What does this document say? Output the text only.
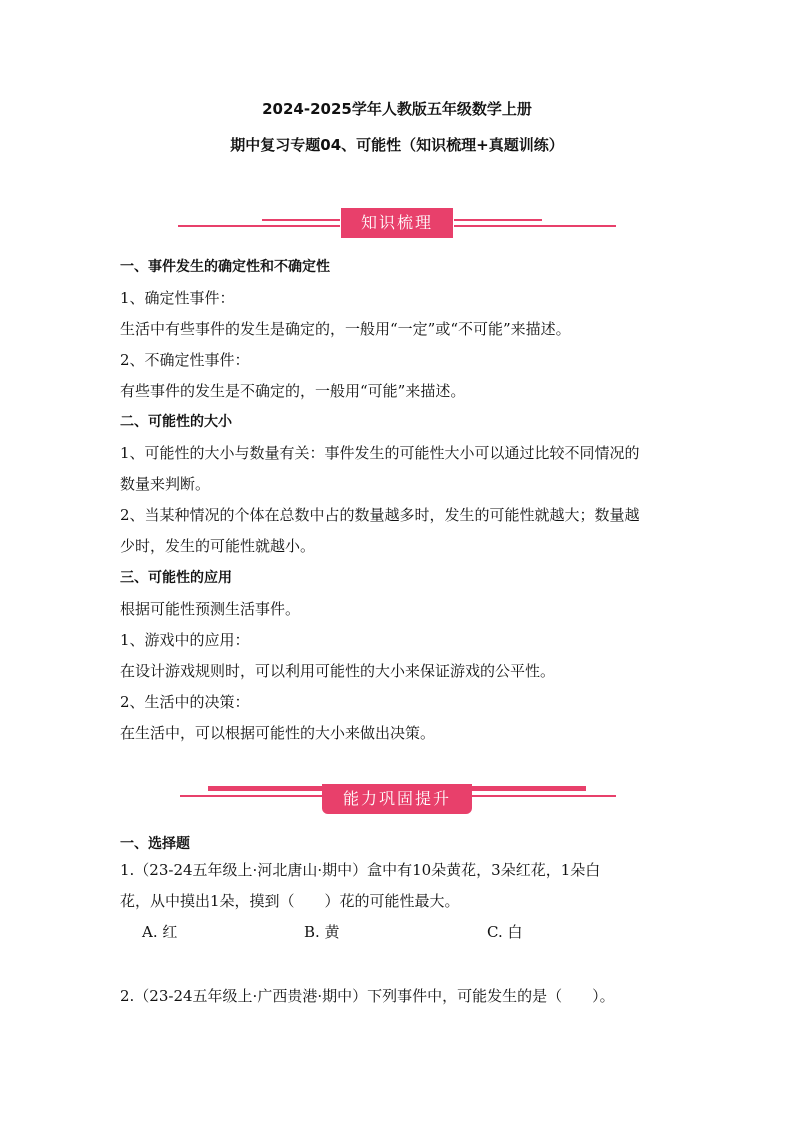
2024-2025学年人教版五年级数学上册
期中复习专题04、可能性（知识梳理+真题训练）
知识梳理
一、事件发生的确定性和不确定性
1、确定性事件：
生活中有些事件的发生是确定的，一般用“一定”或“不可能”来描述。
2、不确定性事件：
有些事件的发生是不确定的，一般用“可能”来描述。
二、可能性的大小
1、可能性的大小与数量有关：事件发生的可能性大小可以通过比较不同情况的
数量来判断。
2、当某种情况的个体在总数中占的数量越多时，发生的可能性就越大；数量越
少时，发生的可能性就越小。
三、可能性的应用
根据可能性预测生活事件。
1、游戏中的应用：
在设计游戏规则时，可以利用可能性的大小来保证游戏的公平性。
2、生活中的决策：
在生活中，可以根据可能性的大小来做出决策。
能力巩固提升
一、选择题
1.（23-24五年级上·河北唐山·期中）盒中有10朵黄花，3朵红花，1朵白
花，从中摸出1朵，摸到（　　）花的可能性最大。
A. 红	B. 黄	C. 白
2.（23-24五年级上·广西贵港·期中）下列事件中，可能发生的是（　　）。
